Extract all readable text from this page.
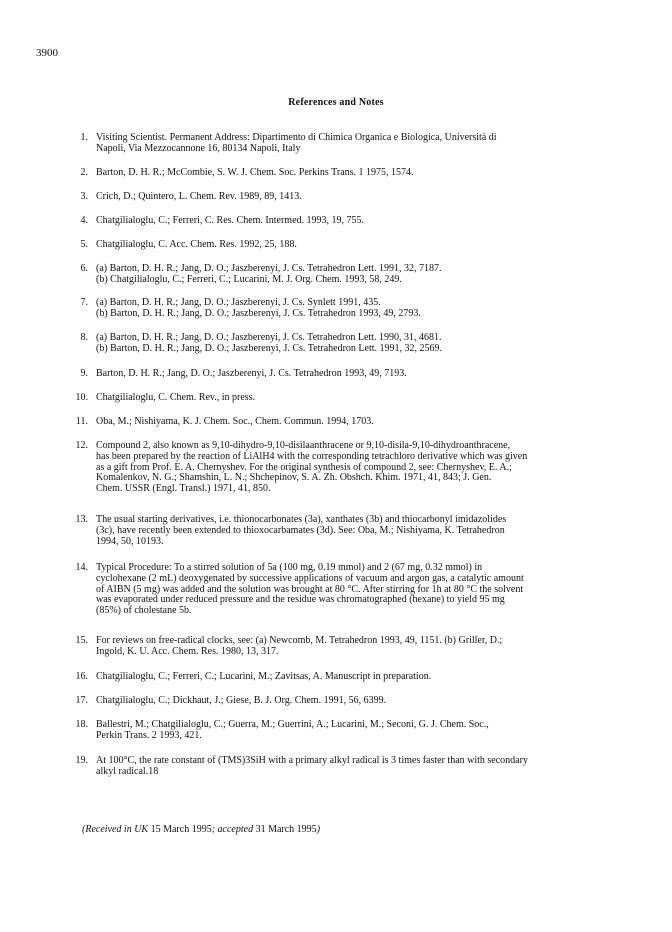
3900
References and Notes
1. Visiting Scientist. Permanent Address: Dipartimento di Chimica Organica e Biologica, Università di
Napoli, Via Mezzocannone 16, 80134 Napoli, Italy
2. Barton, D. H. R.; McCombie, S. W. J. Chem. Soc. Perkins Trans. 1 1975, 1574.
3. Crich, D.; Quintero, L. Chem. Rev. 1989, 89, 1413.
4. Chatgilialoglu, C.; Ferreri, C. Res. Chem. Intermed. 1993, 19, 755.
5. Chatgilialoglu, C. Acc. Chem. Res. 1992, 25, 188.
6. (a) Barton, D. H. R.; Jang, D. O.; Jaszberenyi, J. Cs. Tetrahedron Lett. 1991, 32, 7187.
(b) Chatgilialoglu, C.; Ferreri, C.; Lucarini, M. J. Org. Chem. 1993, 58, 249.
7. (a) Barton, D. H. R.; Jang, D. O.; Jaszberenyi, J. Cs. Synlett 1991, 435.
(b) Barton, D. H. R.; Jang, D. O.; Jaszberenyi, J. Cs. Tetrahedron 1993, 49, 2793.
8. (a) Barton, D. H. R.; Jang, D. O.; Jaszberenyi, J. Cs. Tetrahedron Lett. 1990, 31, 4681.
(b) Barton, D. H. R.; Jang, D. O.; Jaszberenyi, J. Cs. Tetrahedron Lett. 1991, 32, 2569.
9. Barton, D. H. R.; Jang, D. O.; Jaszberenyi, J. Cs. Tetrahedron 1993, 49, 7193.
10. Chatgilialoglu, C. Chem. Rev., in press.
11. Oba, M.; Nishiyama, K. J. Chem. Soc., Chem. Commun. 1994, 1703.
12. Compound 2, also known as 9,10-dihydro-9,10-disilaanthracene or 9,10-disila-9,10-dihydroanthracene,
has been prepared by the reaction of LiAlH4 with the corresponding tetrachloro derivative which was given
as a gift from Prof. E. A. Chernyshev. For the original synthesis of compound 2, see: Chernyshev, E. A.;
Komalenkov, N. G.; Shamshin, L. N.; Shchepinov, S. A. Zh. Obshch. Khim. 1971, 41, 843; J. Gen.
Chem. USSR (Engl. Transl.) 1971, 41, 850.
13. The usual starting derivatives, i.e. thionocarbonates (3a), xanthates (3b) and thiocarbonyl imidazolides
(3c), have recently been extended to thioxocarbamates (3d). See: Oba, M.; Nishiyama, K. Tetrahedron
1994, 50, 10193.
14. Typical Procedure: To a stirred solution of 5a (100 mg, 0.19 mmol) and 2 (67 mg, 0.32 mmol) in
cyclohexane (2 mL) deoxygenated by successive applications of vacuum and argon gas, a catalytic amount
of AIBN (5 mg) was added and the solution was brought at 80 °C. After stirring for 1h at 80 °C the solvent
was evaporated under reduced pressure and the residue was chromatographed (hexane) to yield 95 mg
(85%) of cholestane 5b.
15. For reviews on free-radical clocks, see: (a) Newcomb, M. Tetrahedron 1993, 49, 1151. (b) Griller, D.;
Ingold, K. U. Acc. Chem. Res. 1980, 13, 317.
16. Chatgilialoglu, C.; Ferreri, C.; Lucarini, M.; Zavitsas, A. Manuscript in preparation.
17. Chatgilialoglu, C.; Dickhaut, J.; Giese, B. J. Org. Chem. 1991, 56, 6399.
18. Ballestri, M.; Chatgilialoglu, C.; Guerra, M.; Guerrini, A.; Lucarini, M.; Seconi, G. J. Chem. Soc.,
Perkin Trans. 2 1993, 421.
19. At 100°C, the rate constant of (TMS)3SiH with a primary alkyl radical is 3 times faster than with secondary
alkyl radical.18
(Received in UK 15 March 1995; accepted 31 March 1995)
